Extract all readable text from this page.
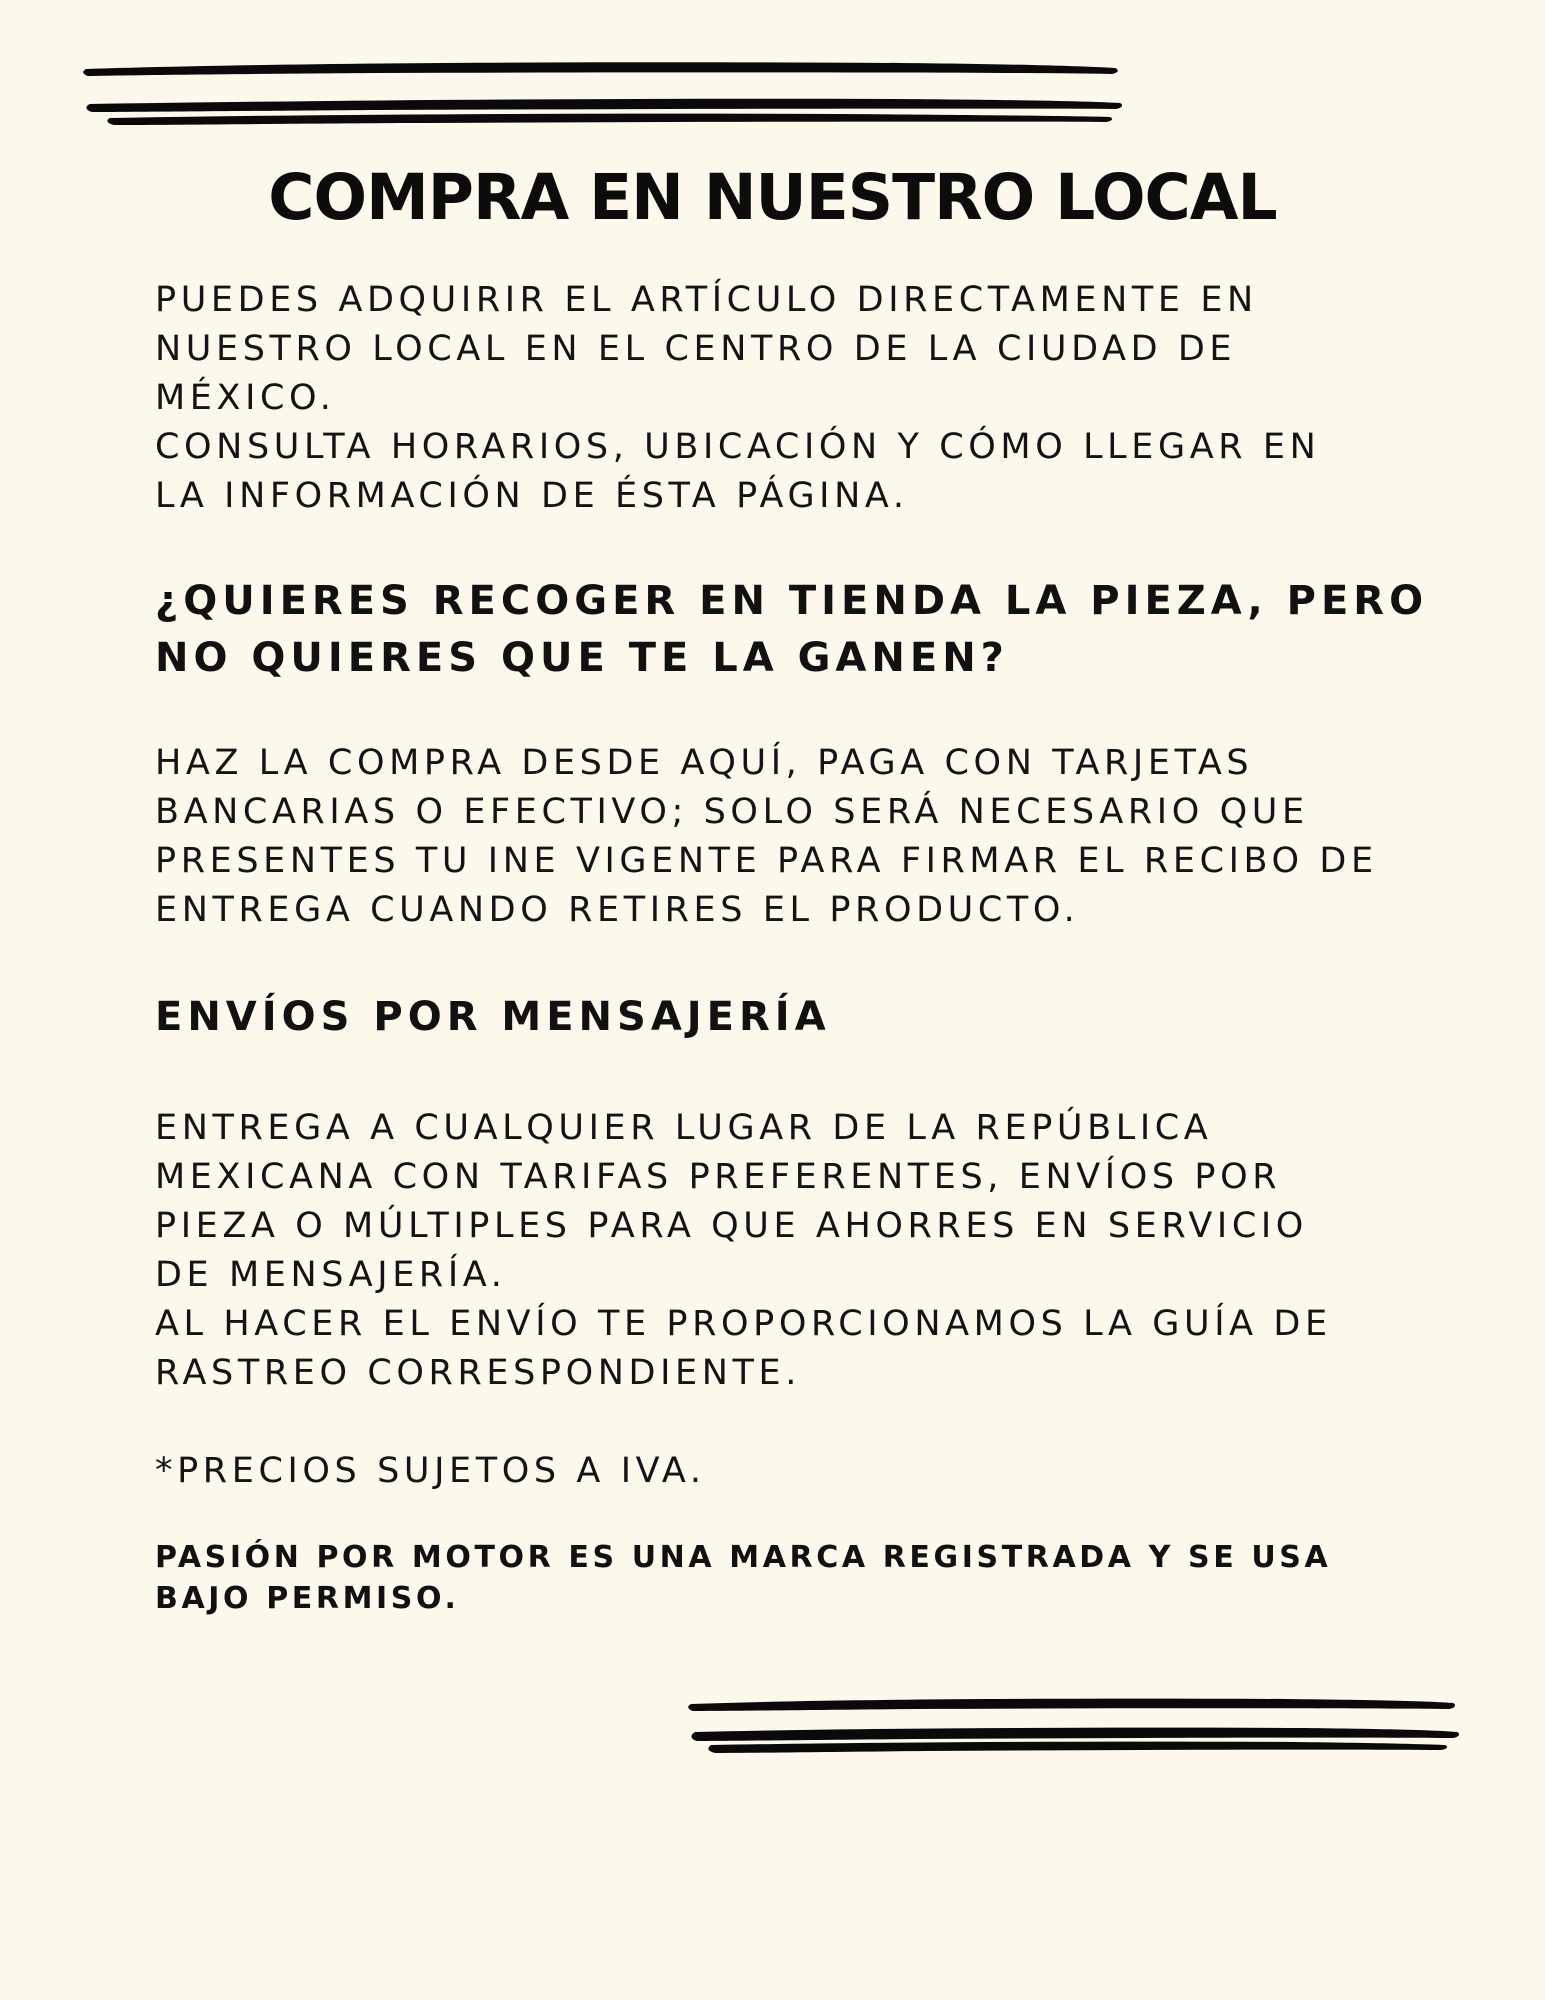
COMPRA EN NUESTRO LOCAL

PUEDES ADQUIRIR EL ARTÍCULO DIRECTAMENTE EN

NUESTRO LOCAL EN EL CENTRO DE LA CIUDAD DE

MÉXICO.

CONSULTA HORARIOS, UBICACIÓN Y CÓMO LLEGAR EN

LA INFORMACIÓN DE ÉSTA PÁGINA.

¿QUIERES RECOGER EN TIENDA LA PIEZA, PERO

NO QUIERES QUE TE LA GANEN?

HAZ LA COMPRA DESDE AQUÍ, PAGA CON TARJETAS

BANCARIAS O EFECTIVO; SOLO SERÁ NECESARIO QUE

PRESENTES TU INE VIGENTE PARA FIRMAR EL RECIBO DE

ENTREGA CUANDO RETIRES EL PRODUCTO.

ENVÍOS POR MENSAJERÍA

ENTREGA A CUALQUIER LUGAR DE LA REPÚBLICA

MEXICANA CON TARIFAS PREFERENTES, ENVÍOS POR

PIEZA O MÚLTIPLES PARA QUE AHORRES EN SERVICIO

DE MENSAJERÍA.

AL HACER EL ENVÍO TE PROPORCIONAMOS LA GUÍA DE

RASTREO CORRESPONDIENTE.

*PRECIOS SUJETOS A IVA.

PASIÓN POR MOTOR ES UNA MARCA REGISTRADA Y SE USA

BAJO PERMISO.
